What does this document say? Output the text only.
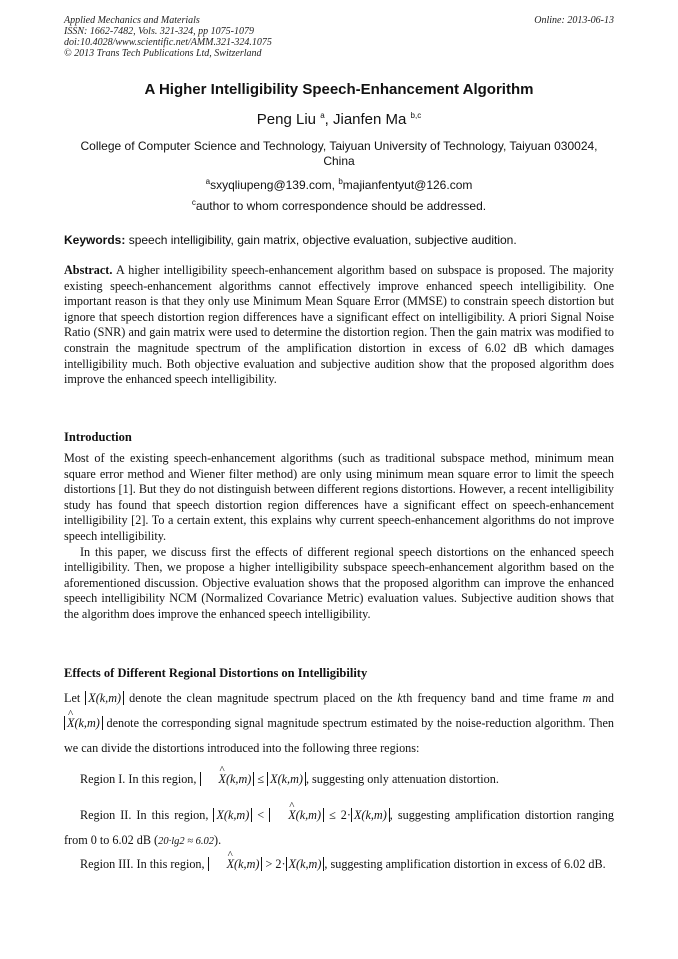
Applied Mechanics and Materials
ISSN: 1662-7482, Vols. 321-324, pp 1075-1079
doi:10.4028/www.scientific.net/AMM.321-324.1075
© 2013 Trans Tech Publications Ltd, Switzerland
Online: 2013-06-13
A Higher Intelligibility Speech-Enhancement Algorithm
Peng Liu $^a$, Jianfen Ma $^{b,c}$
College of Computer Science and Technology, Taiyuan University of Technology, Taiyuan 030024, China
$^a$sxyqliupeng@139.com, $^b$majianfentyut@126.com
$^c$author to whom correspondence should be addressed.
Keywords: speech intelligibility, gain matrix, objective evaluation, subjective audition.
Abstract. A higher intelligibility speech-enhancement algorithm based on subspace is proposed. The majority existing speech-enhancement algorithms cannot effectively improve enhanced speech intelligibility. One important reason is that they only use Minimum Mean Square Error (MMSE) to constrain speech distortion but ignore that speech distortion region differences have a significant effect on intelligibility. A priori Signal Noise Ratio (SNR) and gain matrix were used to determine the distortion region. Then the gain matrix was modified to constrain the magnitude spectrum of the amplification distortion in excess of 6.02 dB which damages intelligibility much. Both objective evaluation and subjective audition show that the proposed algorithm does improve the enhanced speech intelligibility.
Introduction
Most of the existing speech-enhancement algorithms (such as traditional subspace method, minimum mean square error method and Wiener filter method) are only using minimum mean square error to limit the speech distortions [1]. But they do not distinguish between different regions distortions. However, a recent intelligibility study has found that speech distortion region differences have a significant effect on speech-enhancement intelligibility [2]. To a certain extent, this explains why current speech-enhancement algorithms do not improve speech intelligibility.
In this paper, we discuss first the effects of different regional speech distortions on the enhanced speech intelligibility. Then, we propose a higher intelligibility subspace speech-enhancement algorithm based on the aforementioned discussion. Objective evaluation shows that the proposed algorithm can improve the enhanced speech intelligibility NCM (Normalized Covariance Metric) evaluation values. Subjective audition shows that the algorithm does improve the enhanced speech intelligibility.
Effects of Different Regional Distortions on Intelligibility
Let X(k,m) denote the clean magnitude spectrum placed on the kth frequency band and time frame m and ^ X(k,m) denote the corresponding signal magnitude spectrum estimated by the noise-reduction algorithm. Then we can divide the distortions introduced into the following three regions:
Region I. In this region, ^ X(k,m) ≤ X(k,m) , suggesting only attenuation distortion.
Region II. In this region, X(k,m) < ^ X(k,m) ≤ 2· X(k,m) , suggesting amplification distortion ranging from 0 to 6.02 dB (20·lg2 ≈ 6.02).
Region III. In this region, ^ X(k,m) > 2· X(k,m) , suggesting amplification distortion in excess of 6.02 dB.
